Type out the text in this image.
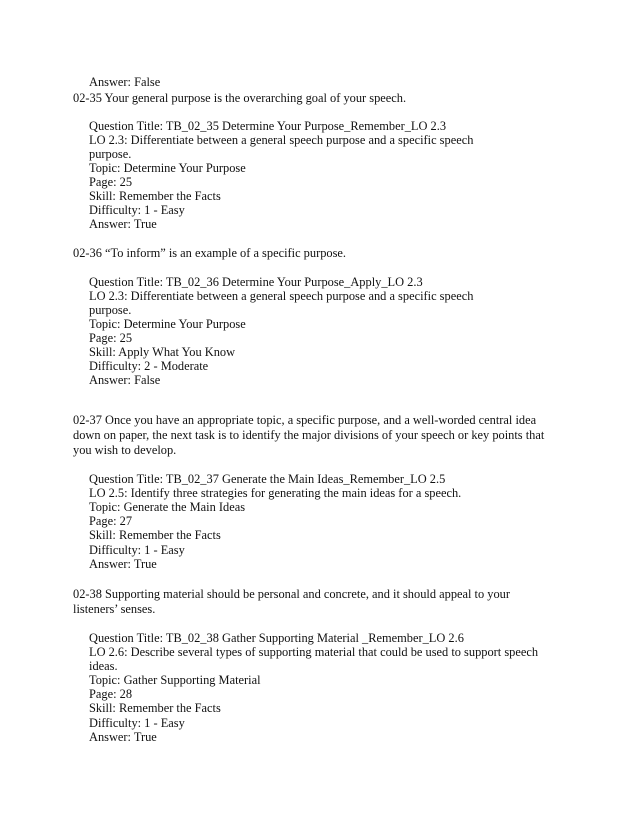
Answer: False
02-35 Your general purpose is the overarching goal of your speech.
Question Title: TB_02_35 Determine Your Purpose_Remember_LO 2.3
LO 2.3: Differentiate between a general speech purpose and a specific speech
purpose.
Topic: Determine Your Purpose
Page: 25
Skill: Remember the Facts
Difficulty: 1 - Easy
Answer: True
02-36 “To inform” is an example of a specific purpose.
Question Title: TB_02_36 Determine Your Purpose_Apply_LO 2.3
LO 2.3: Differentiate between a general speech purpose and a specific speech
purpose.
Topic: Determine Your Purpose
Page: 25
Skill: Apply What You Know
Difficulty: 2 - Moderate
Answer: False
02-37 Once you have an appropriate topic, a specific purpose, and a well-worded central idea
down on paper, the next task is to identify the major divisions of your speech or key points that
you wish to develop.
Question Title: TB_02_37 Generate the Main Ideas_Remember_LO 2.5
LO 2.5: Identify three strategies for generating the main ideas for a speech.
Topic: Generate the Main Ideas
Page: 27
Skill: Remember the Facts
Difficulty: 1 - Easy
Answer: True
02-38 Supporting material should be personal and concrete, and it should appeal to your
listeners’ senses.
Question Title: TB_02_38 Gather Supporting Material _Remember_LO 2.6
LO 2.6: Describe several types of supporting material that could be used to support speech
ideas.
Topic: Gather Supporting Material
Page: 28
Skill: Remember the Facts
Difficulty: 1 - Easy
Answer: True
